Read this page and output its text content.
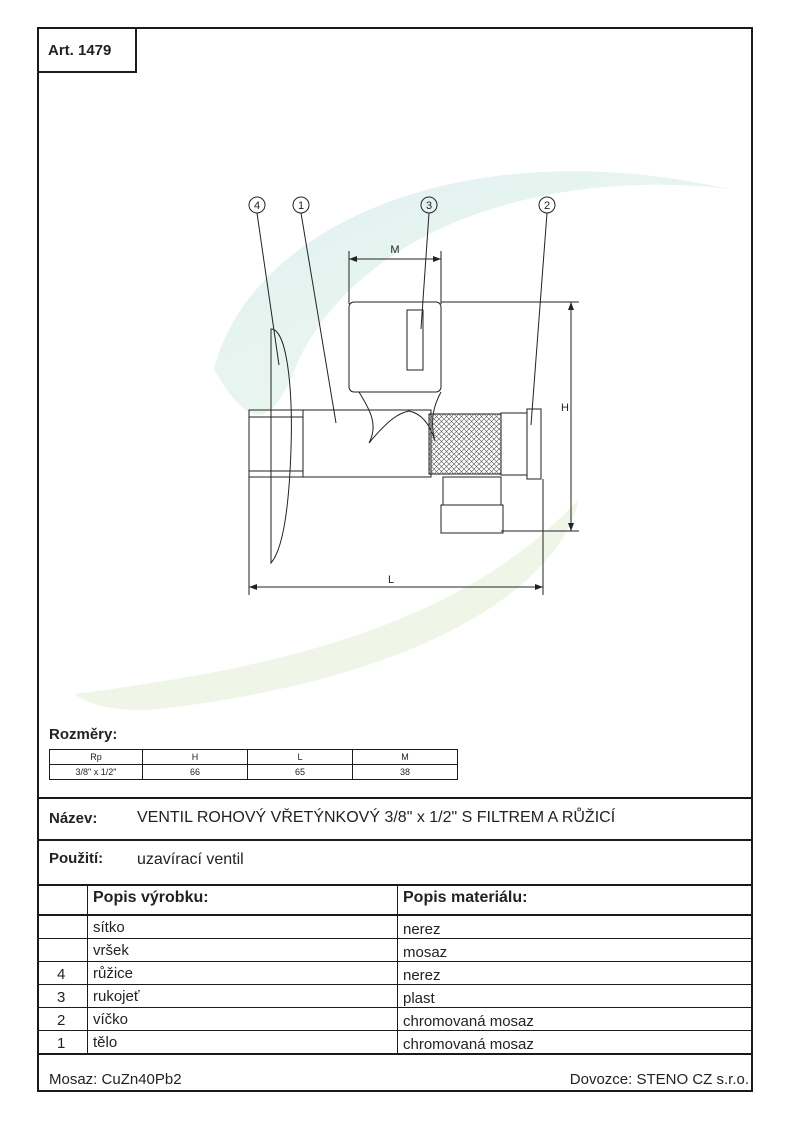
Art. 1479
4	1	3	2
M
H
L
Rozměry:
Rp	H	L	M
3/8" x 1/2"	66	65	38
Název: VENTIL ROHOVÝ VŘETÝNKOVÝ 3/8" x 1/2" S FILTREM A RŮŽICÍ
Použití: uzavírací ventil
Popis výrobku:	Popis materiálu:
sítko	nerez
vršek	mosaz
4 růžice	nerez
3 rukojeť	plast
2 víčko	chromovaná mosaz
1 tělo	chromovaná mosaz
Mosaz: CuZn40Pb2	Dovozce: STENO CZ s.r.o.
